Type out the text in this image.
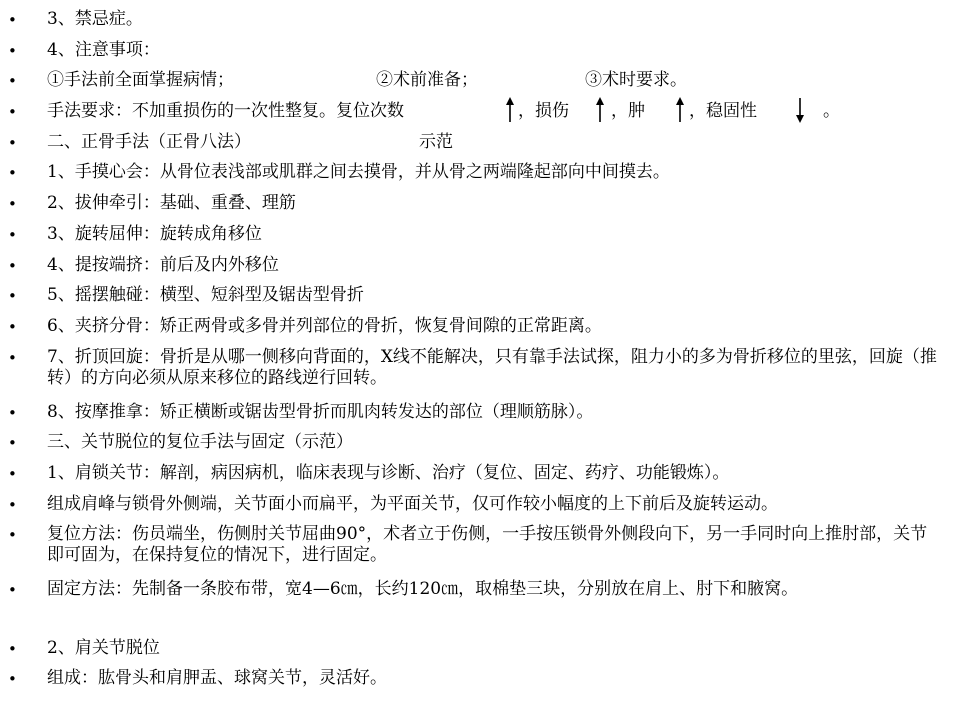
• 3、禁忌症。
• 4、注意事项：
• ①手法前全面掌握病情；	②术前准备；	③术时要求。
• 手法要求：不加重损伤的一次性整复。复位次数	，损伤 ，肿	，稳固性	。
• 二、正骨手法（正骨八法）	示范
• 1、手摸心会：从骨位表浅部或肌群之间去摸骨，并从骨之两端隆起部向中间摸去。
• 2、拔伸牵引：基础、重叠、理筋
• 3、旋转屈伸：旋转成角移位
• 4、提按端挤：前后及内外移位
• 5、摇摆触碰：横型、短斜型及锯齿型骨折
• 6、夹挤分骨：矫正两骨或多骨并列部位的骨折，恢复骨间隙的正常距离。
• 7、折顶回旋：骨折是从哪一侧移向背面的，X线不能解决，只有靠手法试探，阻力小的多为骨折移位的里弦，回旋（推转）的方向必须从原来移位的路线逆行回转。
• 8、按摩推拿：矫正横断或锯齿型骨折而肌肉转发达的部位（理顺筋脉）。
• 三、关节脱位的复位手法与固定（示范）
• 1、肩锁关节：解剖，病因病机，临床表现与诊断、治疗（复位、固定、药疗、功能锻炼）。
• 组成肩峰与锁骨外侧端，关节面小而扁平，为平面关节，仅可作较小幅度的上下前后及旋转运动。
• 复位方法：伤员端坐，伤侧肘关节屈曲90°，术者立于伤侧，一手按压锁骨外侧段向下，另一手同时向上推肘部，关节即可固为，在保持复位的情况下，进行固定。
• 固定方法：先制备一条胶布带，宽4—6㎝，长约120㎝，取棉垫三块，分别放在肩上、肘下和腋窝。
• 2、肩关节脱位
• 组成：肱骨头和肩胛盂、球窝关节，灵活好。
